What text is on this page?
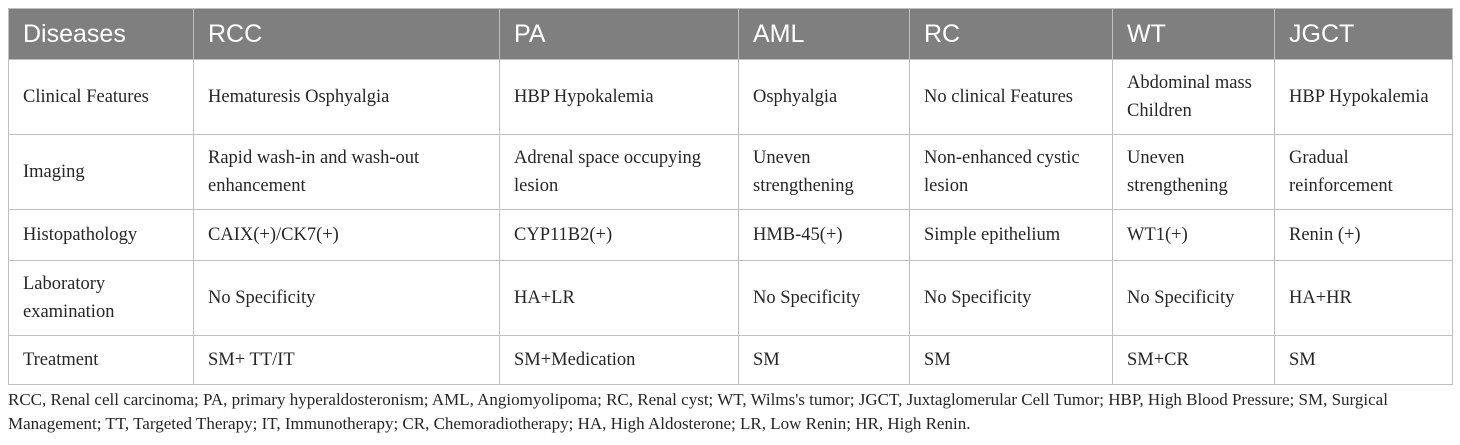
Diseases	RCC	PA	AML	RC	WT	JGCT
Clinical Features	Hematuresis Osphyalgia	HBP Hypokalemia	Osphyalgia	No clinical Features	Abdominal mass Children	HBP Hypokalemia
Imaging	Rapid wash-in and wash-out enhancement	Adrenal space occupying lesion	Uneven strengthening	Non-enhanced cystic lesion	Uneven strengthening	Gradual reinforcement
Histopathology	CAIX(+)/CK7(+)	CYP11B2(+)	HMB-45(+)	Simple epithelium	WT1(+)	Renin (+)
Laboratory examination	No Specificity	HA+LR	No Specificity	No Specificity	No Specificity	HA+HR
Treatment	SM+ TT/IT	SM+Medication	SM	SM	SM+CR	SM
RCC, Renal cell carcinoma; PA, primary hyperaldosteronism; AML, Angiomyolipoma; RC, Renal cyst; WT, Wilms's tumor; JGCT, Juxtaglomerular Cell Tumor; HBP, High Blood Pressure; SM, Surgical Management; TT, Targeted Therapy; IT, Immunotherapy; CR, Chemoradiotherapy; HA, High Aldosterone; LR, Low Renin; HR, High Renin.
